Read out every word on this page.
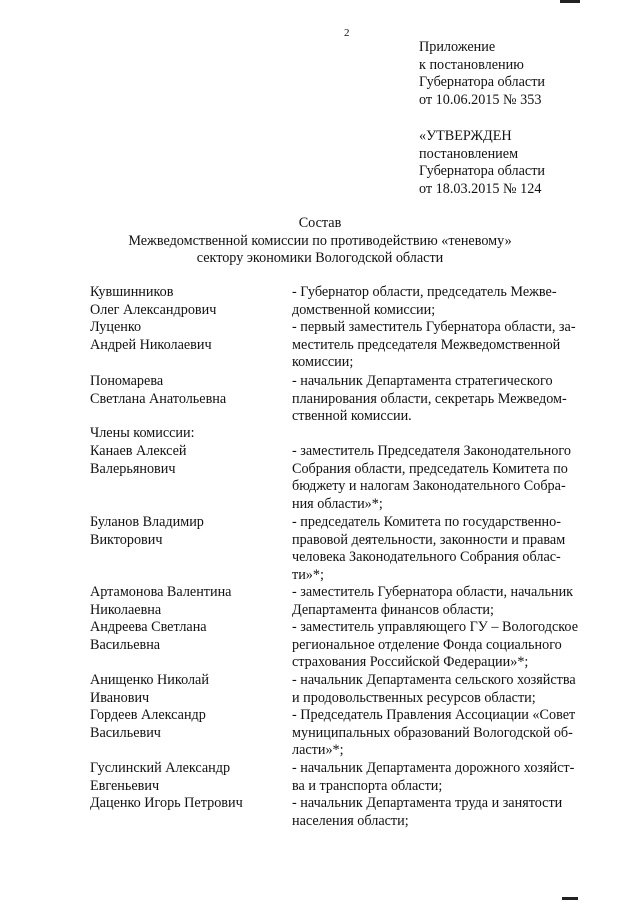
2
Приложение
к постановлению
Губернатора области
от 10.06.2015 № 353
«УТВЕРЖДЕН
постановлением
Губернатора области
от 18.03.2015 № 124
Состав
Межведомственной комиссии по противодействию «теневому»
сектору экономики Вологодской области
Кувшинников
Олег Александрович
- Губернатор области, председатель Межве-
домственной комиссии;
Луценко
Андрей Николаевич
- первый заместитель Губернатора области, за-
меститель председателя Межведомственной
комиссии;
Пономарева
Светлана Анатольевна
- начальник Департамента стратегического
планирования области, секретарь Межведом-
ственной комиссии.
Члены комиссии:
Канаев Алексей
Валерьянович
- заместитель Председателя Законодательного
Собрания области, председатель Комитета по
бюджету и налогам Законодательного Собра-
ния области»*;
Буланов Владимир
Викторович
- председатель Комитета по государственно-
правовой деятельности, законности и правам
человека Законодательного Собрания облас-
ти»*;
Артамонова Валентина
Николаевна
- заместитель Губернатора области, начальник
Департамента финансов области;
Андреева Светлана
Васильевна
- заместитель управляющего ГУ – Вологодское
региональное отделение Фонда социального
страхования Российской Федерации»*;
Анищенко Николай
Иванович
- начальник Департамента сельского хозяйства
и продовольственных ресурсов области;
Гордеев Александр
Васильевич
- Председатель Правления Ассоциации «Совет
муниципальных образований Вологодской об-
ласти»*;
Гуслинский Александр
Евгеньевич
- начальник Департамента дорожного хозяйст-
ва и транспорта области;
Даценко Игорь Петрович	- начальник Департамента труда и занятости
населения области;
